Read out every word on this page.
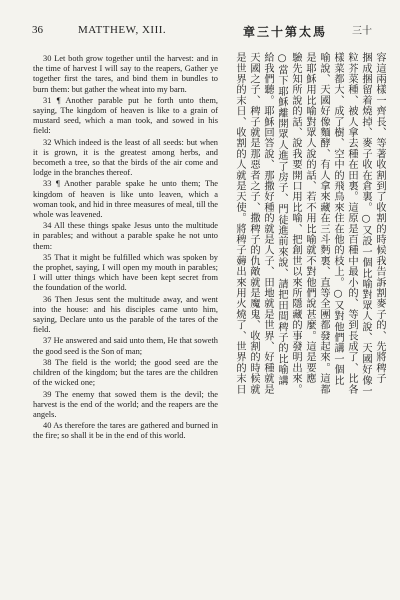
36	MATTHEW, XIII.	章三十第太馬 三十

30 Let both grow together until the harvest: and in the time of harvest I will say to the reapers, Gather ye together first the tares, and bind them in bundles to burn them: but gather the wheat into my barn.

31 ¶ Another parable put he forth unto them, saying, The kingdom of heaven is like to a grain of mustard seed, which a man took, and sowed in his field:

32 Which indeed is the least of all seeds: but when it is grown, it is the greatest among herbs, and becometh a tree, so that the birds of the air come and lodge in the branches thereof.

33 ¶ Another parable spake he unto them; The kingdom of heaven is like unto leaven, which a woman took, and hid in three measures of meal, till the whole was leavened.

34 All these things spake Jesus unto the multitude in parables; and without a parable spake he not unto them:

35 That it might be fulfilled which was spoken by the prophet, saying, I will open my mouth in parables; I will utter things which have been kept secret from the foundation of the world.

36 Then Jesus sent the multitude away, and went into the house: and his disciples came unto him, saying, Declare unto us the parable of the tares of the field.

37 He answered and said unto them, He that soweth the good seed is the Son of man;

38 The field is the world; the good seed are the children of the kingdom; but the tares are the children of the wicked one;

39 The enemy that sowed them is the devil; the harvest is the end of the world; and the reapers are the angels.

40 As therefore the tares are gathered and burned in the fire; so shall it be in the end of this world.

容這兩樣一齊長、等著收割到了收割的時候我告訴割麥子的、先將稗子
捆成捆留着燒掉、麥子收在倉裏。○又設一個比喻對眾人說、天國好像一
粒芥菜種、被人拿去種在田裏。這原是百種中最小的、等到長成了、比各
樣菜都大、成了樹、空中的飛鳥來住在他的枝上。○又對他們講一個比
喻說、天國好像麵酵、有人拿來藏在三斗麪裏、直等全團都發起來。這都
是耶穌用比喻對眾人說的話、若不用比喻就不對他們說甚麼。這是要應
驗先知所說的話、說我要開口用比喻、把創世以來所隱藏的事發明出來。
○當下耶穌離開眾人進了房子、門徒進前來說、請把田間稗子的比喻講
給我們聽。耶穌回答說、那撒好種的就是人子、田地就是世界、好種就是
天國之子、稗子就是那惡者之子、撒稗子的仇敵就是魔鬼、收割的時候就
是世界的末日、收割的人就是天使。將稗子薅出來用火燒了、世界的末日
